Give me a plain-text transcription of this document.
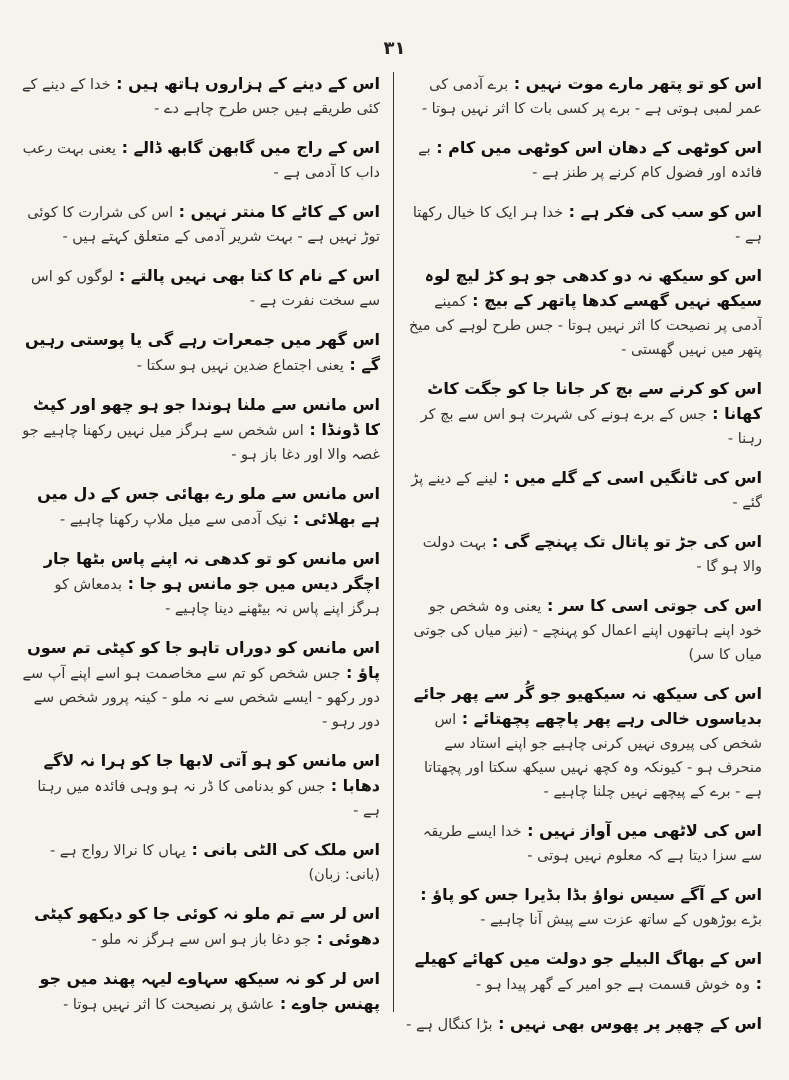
۳۱

اس کو تو پتھر مارے موت نہیں : برے آدمی کی عمر لمبی ہوتی ہے - برے پر کسی بات کا اثر نہیں ہوتا -

اس کوٹھی کے دھان اس کوٹھی میں کام : بے فائدہ اور فضول کام کرنے پر طنز ہے -

اس کو سب کی فکر ہے : خدا ہر ایک کا خیال رکھتا ہے -

اس کو سیکھ نہ دو کدھی جو ہو کڑ لیچ لوہ سیکھ نہیں گھسے کدھا پاتھر کے بیچ : کمینے آدمی پر نصیحت کا اثر نہیں ہوتا - جس طرح لوہے کی میخ پتھر میں نہیں گھستی -

اس کو کرنے سے بچ کر جانا جا کو جگت کاٹ کھانا : جس کے برے ہونے کی شہرت ہو اس سے بچ کر رہنا -

اس کی ٹانگیں اسی کے گلے میں : لینے کے دینے پڑ گئے -

اس کی جڑ تو پاتال تک پہنچے گی : بہت دولت والا ہو گا -

اس کی جوتی اسی کا سر : یعنی وہ شخص جو خود اپنے ہاتھوں اپنے اعمال کو پہنچے - (نیز میاں کی جوتی میاں کا سر)

اس کی سیکھ نہ سیکھیو جو گُر سے پھر جائے بدیاسوں خالی رہے پھر پاچھے پچھتائے : اس شخص کی پیروی نہیں کرنی چاہیے جو اپنے استاد سے منحرف ہو - کیونکہ وہ کچھ نہیں سیکھ سکتا اور پچھتاتا ہے - برے کے پیچھے نہیں چلنا چاہیے -

اس کی لاٹھی میں آواز نہیں : خدا ایسے طریقہ سے سزا دیتا ہے کہ معلوم نہیں ہوتی -

اس کے آگے سیس نواؤ بڈا بڈیرا جس کو پاؤ : بڑے بوڑھوں کے ساتھ عزت سے پیش آنا چاہیے -

اس کے بھاگ البیلے جو دولت میں کھائے کھیلے : وہ خوش قسمت ہے جو امیر کے گھر پیدا ہو -

اس کے چھپر پر پھوس بھی نہیں : بڑا کنگال ہے -

اس کے دینے کے ہزاروں ہاتھ ہیں : خدا کے دینے کے کئی طریقے ہیں جس طرح چاہے دے -

اس کے راج میں گابھن گابھ ڈالے : یعنی بہت رعب داب کا آدمی ہے -

اس کے کاٹے کا منتر نہیں : اس کی شرارت کا کوئی توڑ نہیں ہے - بہت شریر آدمی کے متعلق کہتے ہیں -

اس کے نام کا کتا بھی نہیں پالتے : لوگوں کو اس سے سخت نفرت ہے -

اس گھر میں جمعرات رہے گی یا پوستی رہیں گے : یعنی اجتماع ضدین نہیں ہو سکتا -

اس مانس سے ملنا ہوندا جو ہو چھو اور کپٹ کا ڈونڈا : اس شخص سے ہرگز میل نہیں رکھنا چاہیے جو غصہ والا اور دغا باز ہو -

اس مانس سے ملو رے بھائی جس کے دل میں ہے بھلائی : نیک آدمی سے میل ملاپ رکھنا چاہیے -

اس مانس کو تو کدھی نہ اپنے پاس بٹھا جار اچگر دیس میں جو مانس ہو جا : بدمعاش کو ہرگز اپنے پاس نہ بیٹھنے دینا چاہیے -

اس مانس کو دوراں تاہو جا کو کپٹی تم سوں پاؤ : جس شخص کو تم سے مخاصمت ہو اسے اپنے آپ سے دور رکھو - ایسے شخص سے نہ ملو - کینہ پرور شخص سے دور رہو -

اس مانس کو ہو آتی لابھا جا کو ہرا نہ لاگے دھابا : جس کو بدنامی کا ڈر نہ ہو وہی فائدہ میں رہتا ہے -

اس ملک کی الٹی بانی : یہاں کا نرالا رواج ہے - (بانی: زبان)

اس لر سے تم ملو نہ کوئی جا کو دیکھو کپٹی دھوئی : جو دغا باز ہو اس سے ہرگز نہ ملو -

اس لر کو نہ سیکھ سہاوے لیہہ پھند میں جو پھنس جاوے : عاشق پر نصیحت کا اثر نہیں ہوتا -
